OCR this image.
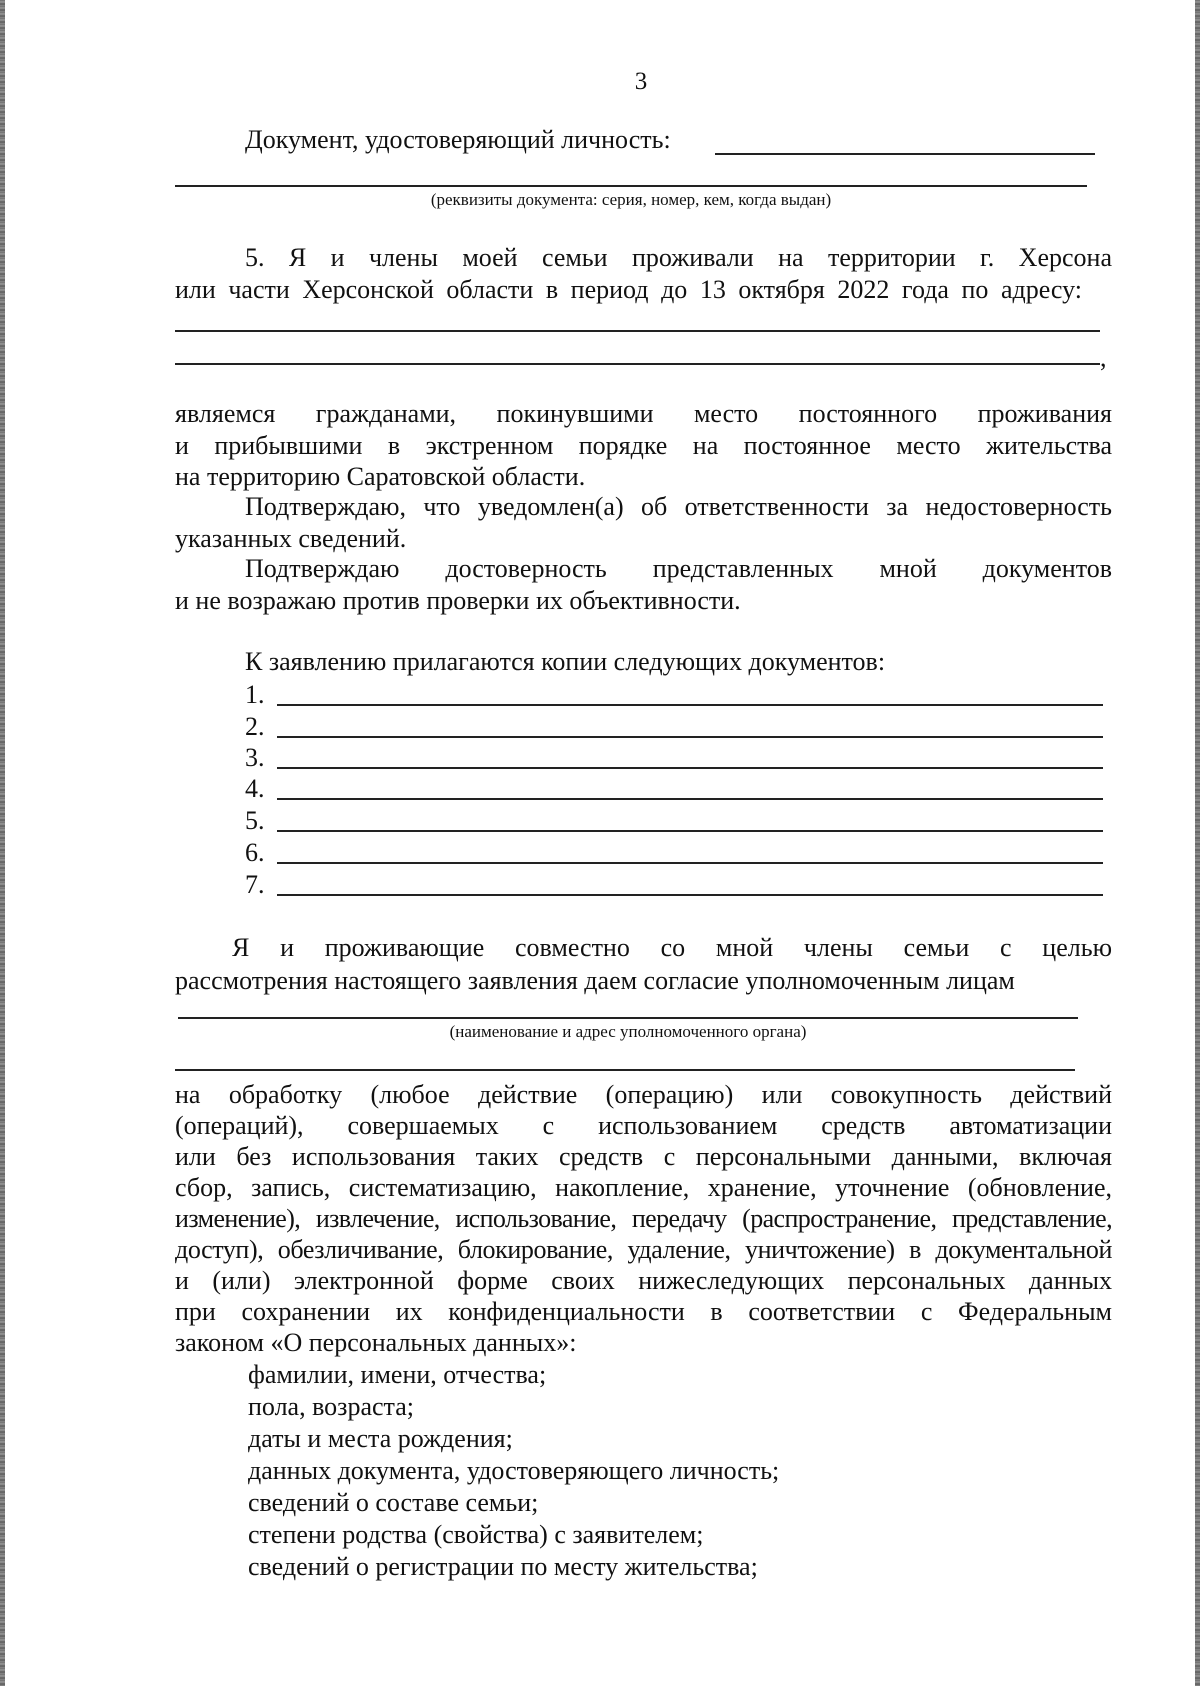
3
Документ, удостоверяющий личность:
(реквизиты документа: серия, номер, кем, когда выдан)
5. Я и члены моей семьи проживали на территории г. Херсона
или части Херсонской области в период до 13 октября 2022 года по адресу:
,
являемся гражданами, покинувшими место постоянного проживания
и прибывшими в экстренном порядке на постоянное место жительства
на территорию Саратовской области.
Подтверждаю, что уведомлен(а) об ответственности за недостоверность
указанных сведений.
Подтверждаю достоверность представленных мной документов
и не возражаю против проверки их объективности.
К заявлению прилагаются копии следующих документов:
1.
2.
3.
4.
5.
6.
7.
Я и проживающие совместно со мной члены семьи с целью
рассмотрения настоящего заявления даем согласие уполномоченным лицам
(наименование и адрес уполномоченного органа)
на обработку (любое действие (операцию) или совокупность действий
(операций), совершаемых с использованием средств автоматизации
или без использования таких средств с персональными данными, включая
сбор, запись, систематизацию, накопление, хранение, уточнение (обновление,
изменение), извлечение, использование, передачу (распространение, представление,
доступ), обезличивание, блокирование, удаление, уничтожение) в документальной
и (или) электронной форме своих нижеследующих персональных данных
при сохранении их конфиденциальности в соответствии с Федеральным
законом «О персональных данных»:
фамилии, имени, отчества;
пола, возраста;
даты и места рождения;
данных документа, удостоверяющего личность;
сведений о составе семьи;
степени родства (свойства) с заявителем;
сведений о регистрации по месту жительства;
